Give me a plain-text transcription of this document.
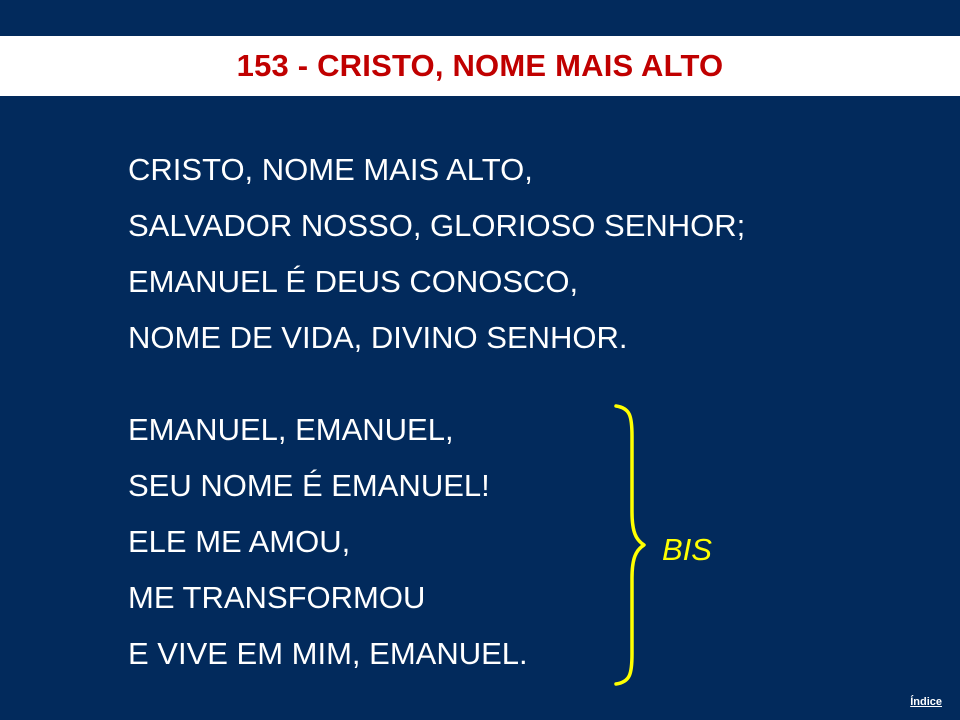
153 - CRISTO, NOME MAIS ALTO
CRISTO, NOME MAIS ALTO,
SALVADOR NOSSO, GLORIOSO SENHOR;
EMANUEL É DEUS CONOSCO,
NOME DE VIDA, DIVINO SENHOR.
EMANUEL, EMANUEL,
SEU NOME É EMANUEL!
ELE ME AMOU,
ME TRANSFORMOU
E VIVE EM MIM, EMANUEL.
BIS
Índice
